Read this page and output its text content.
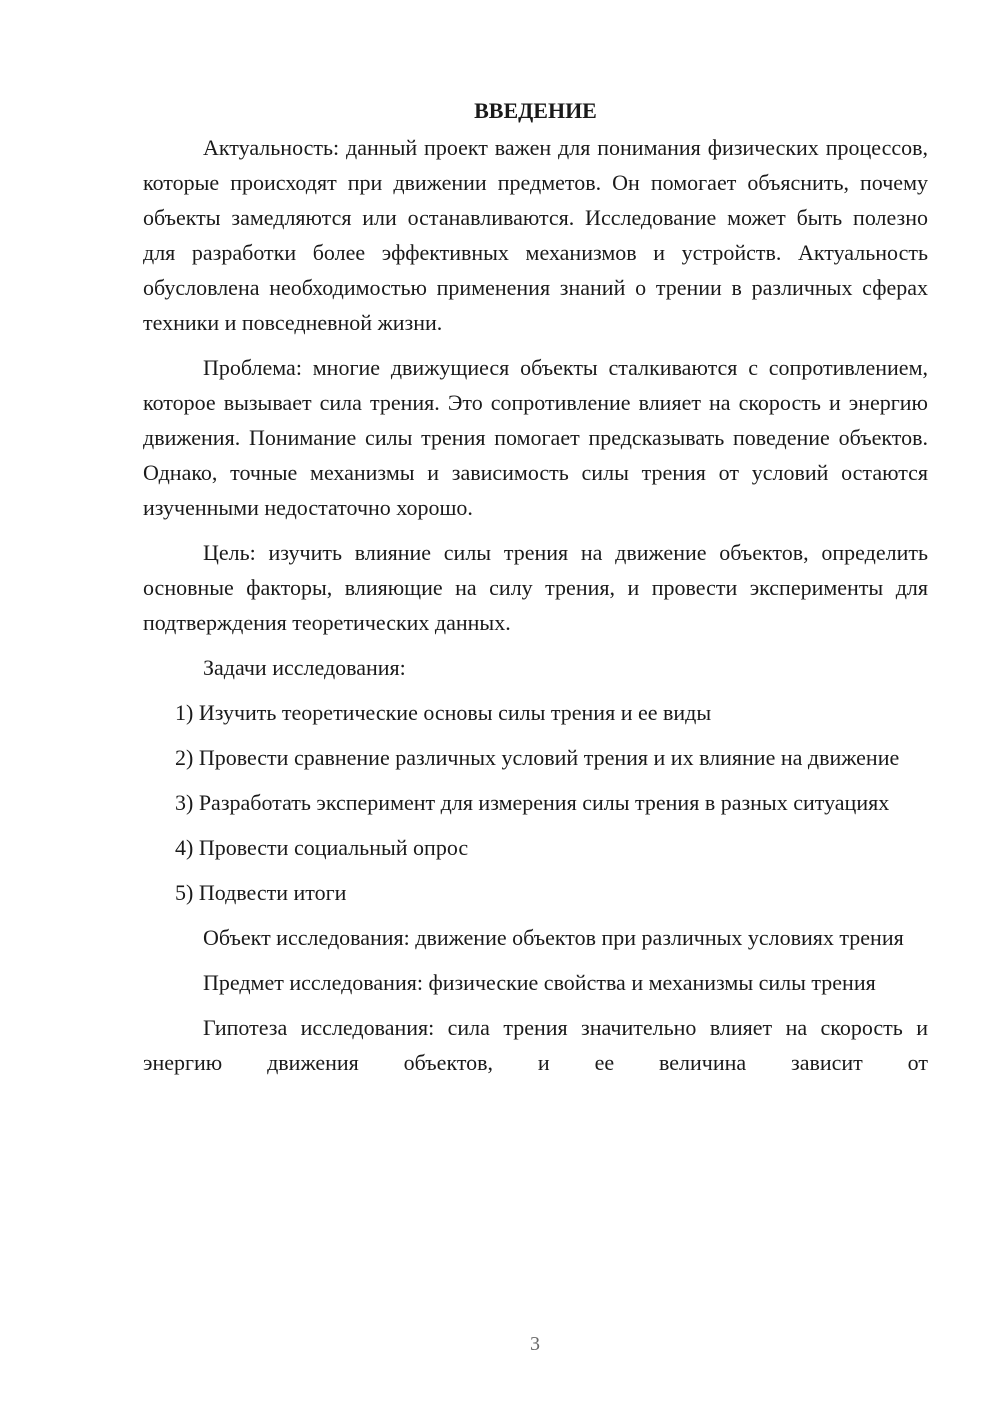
ВВЕДЕНИЕ

Актуальность: данный проект важен для понимания физических процессов, которые происходят при движении предметов. Он помогает объяснить, почему объекты замедляются или останавливаются. Исследование может быть полезно для разработки более эффективных механизмов и устройств. Актуальность обусловлена необходимостью применения знаний о трении в различных сферах техники и повседневной жизни.

Проблема: многие движущиеся объекты сталкиваются с сопротивлением, которое вызывает сила трения. Это сопротивление влияет на скорость и энергию движения. Понимание силы трения помогает предсказывать поведение объектов. Однако, точные механизмы и зависимость силы трения от условий остаются изученными недостаточно хорошо.

Цель: изучить влияние силы трения на движение объектов, определить основные факторы, влияющие на силу трения, и провести эксперименты для подтверждения теоретических данных.

Задачи исследования:

1) Изучить теоретические основы силы трения и ее виды

2) Провести сравнение различных условий трения и их влияние на движение

3) Разработать эксперимент для измерения силы трения в разных ситуациях

4) Провести социальный опрос

5) Подвести итоги

Объект исследования: движение объектов при различных условиях трения

Предмет исследования: физические свойства и механизмы силы трения

Гипотеза исследования: сила трения значительно влияет на скорость и энергию движения объектов, и ее величина зависит от

3
